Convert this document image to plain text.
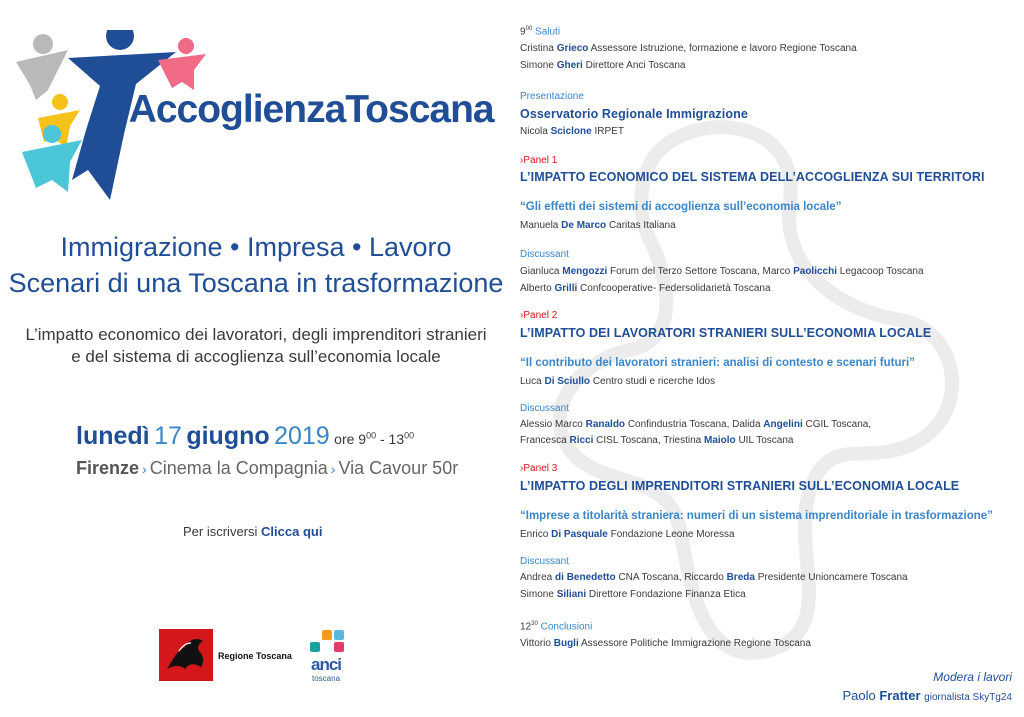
#AccoglienzaToscana
Immigrazione • Impresa • Lavoro
Scenari di una Toscana in trasformazione
L’impatto economico dei lavoratori, degli imprenditori stranieri
e del sistema di accoglienza sull’economia locale
lunedì 17 giugno 2019 ore $9^{00} - 13^{00}$
Firenze › Cinema la Compagnia › Via Cavour 50r
Per iscriversi Clicca qui
Regione Toscana anci
toscana
$9^{00}$ Saluti
Cristina Grieco Assessore Istruzione, formazione e lavoro Regione Toscana
Simone Gheri Direttore Anci Toscana
Presentazione
Osservatorio Regionale Immigrazione
Nicola Sciclone IRPET
›Panel 1
L’IMPATTO ECONOMICO DEL SISTEMA DELL’ACCOGLIENZA SUI TERRITORI
“Gli effetti dei sistemi di accoglienza sull’economia locale”
Manuela De Marco Caritas Italiana
Discussant
Gianluca Mengozzi Forum del Terzo Settore Toscana, Marco Paolicchi Legacoop Toscana
Alberto Grilli Confcooperative- Federsolidarietà Toscana
›Panel 2
L’IMPATTO DEI LAVORATORI STRANIERI SULL’ECONOMIA LOCALE
“Il contributo dei lavoratori stranieri: analisi di contesto e scenari futuri”
Luca Di Sciullo Centro studi e ricerche Idos
Discussant
Alessio Marco Ranaldo Confindustria Toscana, Dalida Angelini CGIL Toscana,
Francesca Ricci CISL Toscana, Triestina Maiolo UIL Toscana
›Panel 3
L’IMPATTO DEGLI IMPRENDITORI STRANIERI SULL’ECONOMIA LOCALE
“Imprese a titolarità straniera: numeri di un sistema imprenditoriale in trasformazione”
Enrico Di Pasquale Fondazione Leone Moressa
Discussant
Andrea di Benedetto CNA Toscana, Riccardo Breda Presidente Unioncamere Toscana
Simone Siliani Direttore Fondazione Finanza Etica
$12^{30}$ Conclusioni
Vittorio Bugli Assessore Politiche Immigrazione Regione Toscana
Modera i lavori
Paolo Fratter giornalista SkyTg24
